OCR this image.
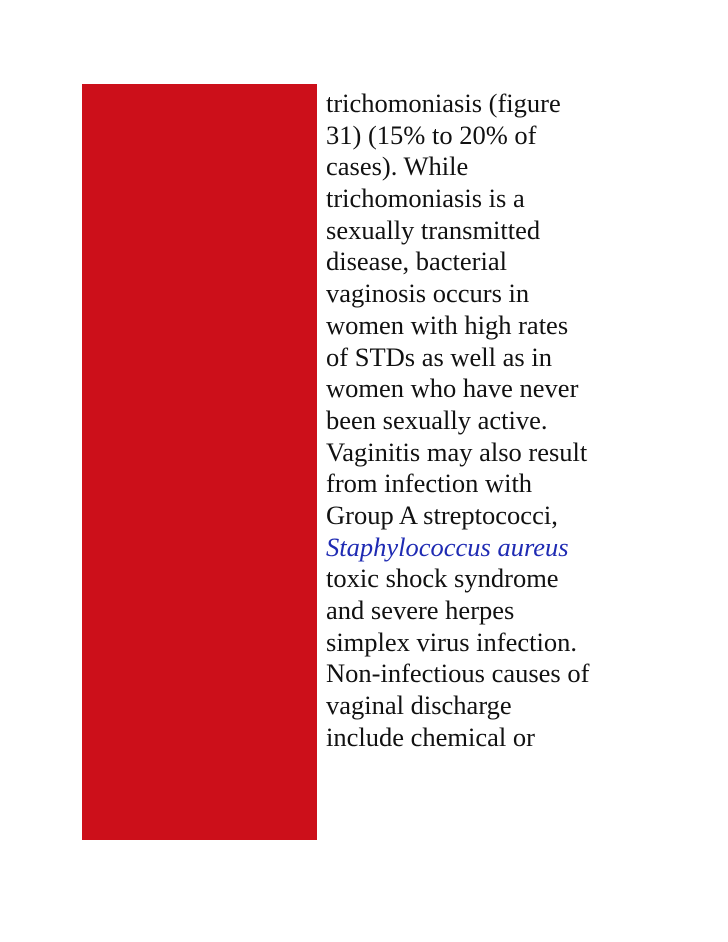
trichomoniasis (figure
31) (15% to 20% of
cases). While
trichomoniasis is a
sexually transmitted
disease, bacterial
vaginosis occurs in
women with high rates
of STDs as well as in
women who have never
been sexually active.
Vaginitis may also result
from infection with
Group A streptococci,
Staphylococcus aureus
toxic shock syndrome
and severe herpes
simplex virus infection.
Non-infectious causes of
vaginal discharge
include chemical or
